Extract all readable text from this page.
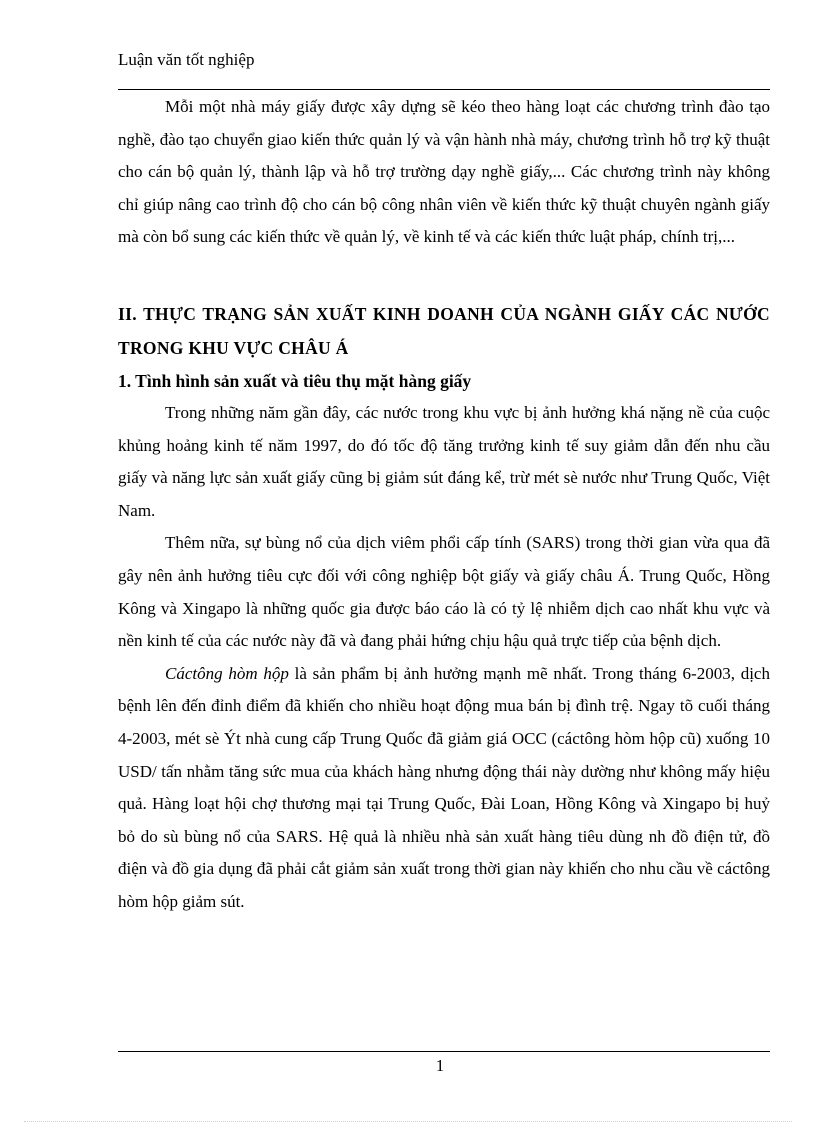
Luận văn tốt nghiệp

Mỗi một nhà máy giấy được xây dựng sẽ kéo theo hàng loạt các chương trình đào tạo nghề, đào tạo chuyển giao kiến thức quản lý và vận hành nhà máy, chương trình hỗ trợ kỹ thuật cho cán bộ quản lý, thành lập và hỗ trợ trường dạy nghề giấy,... Các chương trình này không chỉ giúp nâng cao trình độ cho cán bộ công nhân viên về kiến thức kỹ thuật chuyên ngành giấy mà còn bổ sung các kiến thức về quản lý, về kinh tế và các kiến thức luật pháp, chính trị,...

II. THỰC TRẠNG SẢN XUẤT KINH DOANH CỦA NGÀNH GIẤY CÁC NƯỚC TRONG KHU VỰC CHÂU Á

1. Tình hình sản xuất và tiêu thụ mặt hàng giấy

Trong những năm gần đây, các nước trong khu vực bị ảnh hưởng khá nặng nề của cuộc khủng hoảng kinh tế năm 1997, do đó tốc độ tăng trưởng kinh tế suy giảm dẫn đến nhu cầu giấy và năng lực sản xuất giấy cũng bị giảm sút đáng kể, trừ mét sè nước như Trung Quốc, Việt Nam.

Thêm nữa, sự bùng nổ của dịch viêm phổi cấp tính (SARS) trong thời gian vừa qua đã gây nên ảnh hưởng tiêu cực đối với công nghiệp bột giấy và giấy châu Á. Trung Quốc, Hồng Kông và Xingapo là những quốc gia được báo cáo là có tỷ lệ nhiễm dịch cao nhất khu vực và nền kinh tế của các nước này đã và đang phải hứng chịu hậu quả trực tiếp của bệnh dịch.

Cáctông hòm hộp là sản phẩm bị ảnh hưởng mạnh mẽ nhất. Trong tháng 6-2003, dịch bệnh lên đến đỉnh điểm đã khiến cho nhiều hoạt động mua bán bị đình trệ. Ngay tõ cuối tháng 4-2003, mét sè Ýt nhà cung cấp Trung Quốc đã giảm giá OCC (cáctông hòm hộp cũ) xuống 10 USD/ tấn nhằm tăng sức mua của khách hàng nhưng động thái này dường như không mấy hiệu quả. Hàng loạt hội chợ thương mại tại Trung Quốc, Đài Loan, Hồng Kông và Xingapo bị huỷ bỏ do sù bùng nổ của SARS. Hệ quả là nhiều nhà sản xuất hàng tiêu dùng nh đồ điện tử, đồ điện và đồ gia dụng đã phải cắt giảm sản xuất trong thời gian này khiến cho nhu cầu về cáctông hòm hộp giảm sút.

1
